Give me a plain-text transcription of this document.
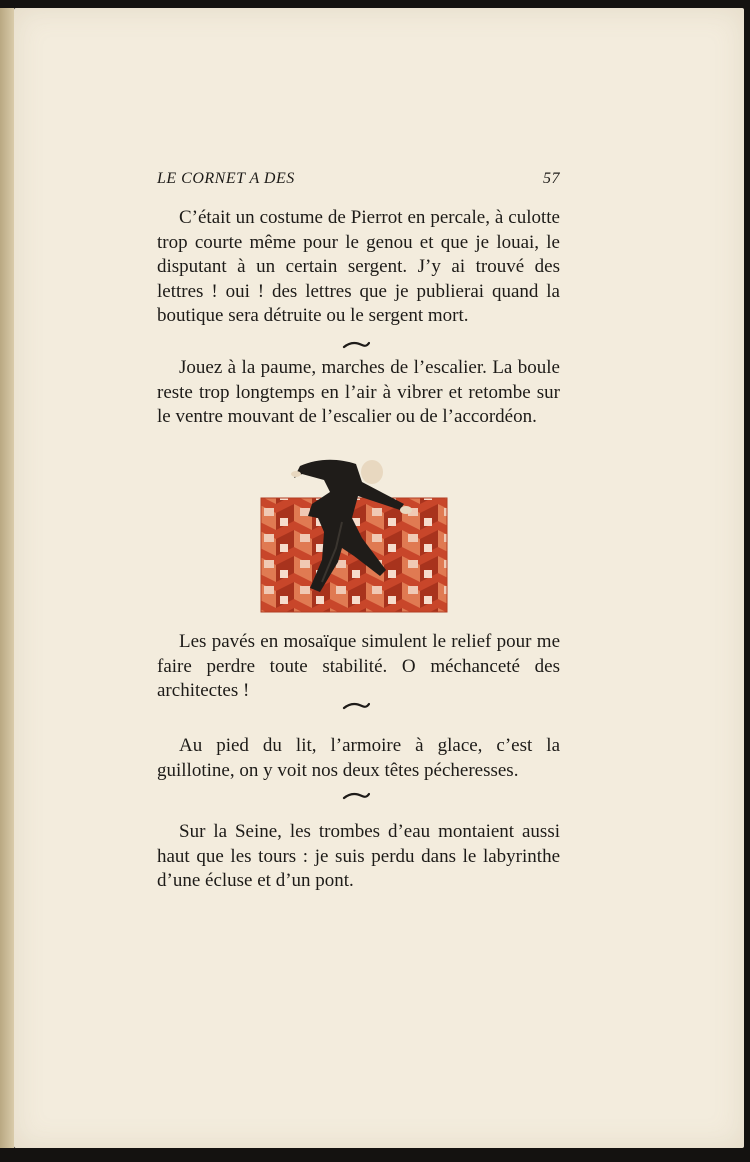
LE CORNET A DES	57

C’était un costume de Pierrot en percale, à culotte trop courte même pour le genou et que je louai, le disputant à un certain sergent. J’y ai trouvé des lettres ! oui ! des lettres que je publierai quand la boutique sera détruite ou le sergent mort.

Jouez à la paume, marches de l’escalier. La boule reste trop longtemps en l’air à vibrer et retombe sur le ventre mouvant de l’escalier ou de l’accordéon.

Les pavés en mosaïque simulent le relief pour me faire perdre toute stabilité. O méchanceté des architectes !

Au pied du lit, l’armoire à glace, c’est la guillotine, on y voit nos deux têtes pécheresses.

Sur la Seine, les trombes d’eau montaient aussi haut que les tours : je suis perdu dans le labyrinthe d’une écluse et d’un pont.
